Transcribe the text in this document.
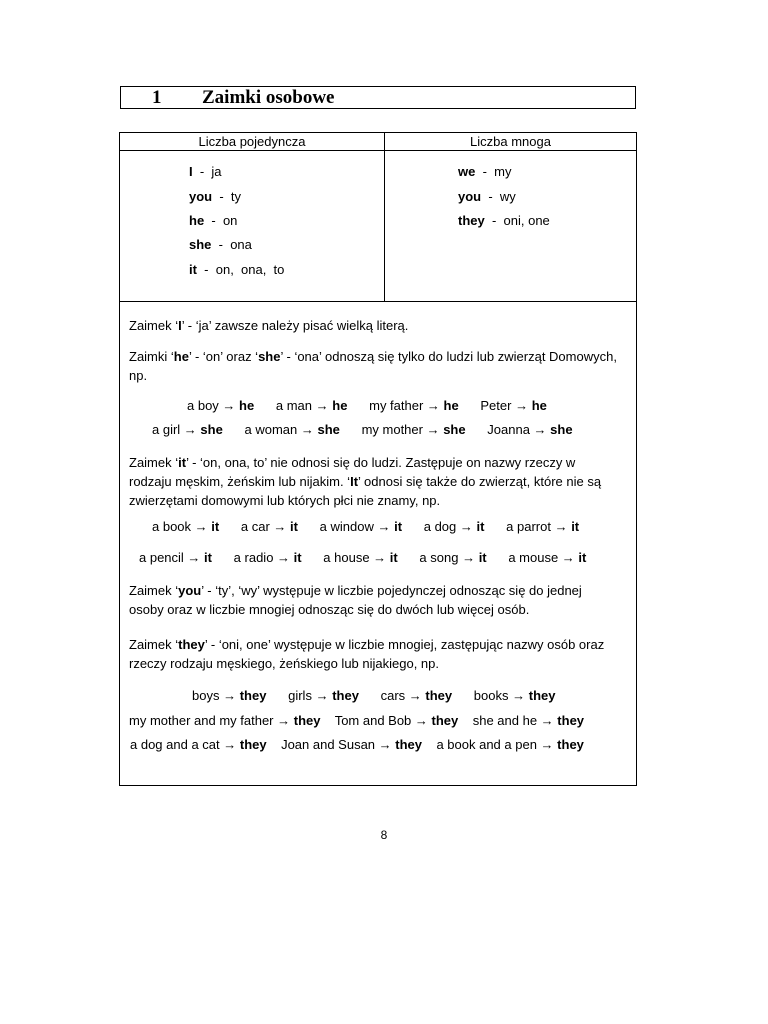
1 Zaimki osobowe
Liczba pojedyncza	Liczba mnoga
I  -  ja
you  -  ty
he  -  on
she  -  ona
it  -  on,  ona,  to
we  -  my
you  -  wy
they  -  oni, one
Zaimek ‘I’ - ‘ja’ zawsze należy pisać wielką literą.
Zaimki ‘he’ - ‘on’ oraz ‘she’ - ‘ona’ odnoszą się tylko do ludzi lub zwierząt Domowych, np.
a boy → he a man → he my father → he Peter → he
a girl → she a woman → she my mother → she Joanna → she
Zaimek ‘it’ - ‘on, ona, to’ nie odnosi się do ludzi. Zastępuje on nazwy rzeczy w rodzaju męskim, żeńskim lub nijakim. ‘It’ odnosi się także do zwierząt, które nie są zwierzętami domowymi lub których płci nie znamy, np.
a book → it a car → it a window → it a dog → it a parrot → it
a pencil → it a radio → it a house → it a song → it a mouse → it
Zaimek ‘you’ - ‘ty’, ‘wy’ występuje w liczbie pojedynczej odnosząc się do jednej osoby oraz w liczbie mnogiej odnosząc się do dwóch lub więcej osób.
Zaimek ‘they’ - ‘oni, one’ występuje w liczbie mnogiej, zastępując nazwy osób oraz rzeczy rodzaju męskiego, żeńskiego lub nijakiego, np.
boys → they girls → they cars → they books → they
my mother and my father → they Tom and Bob → they she and he → they
a dog and a cat → they Joan and Susan → they a book and a pen → they
8
